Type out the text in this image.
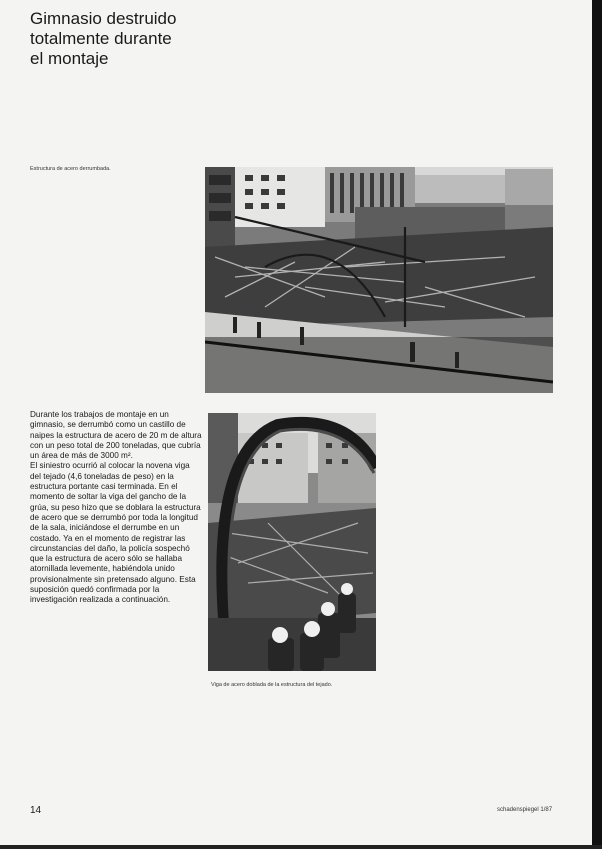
Gimnasio destruido
totalmente durante
el montaje
Estructura de acero derrumbada.

Durante los trabajos de montaje en un gimnasio, se derrumbó como un castillo de naipes la estructura de acero de 20 m de altura con un peso total de 200 toneladas, que cubría un área de más de 3000 m².

El siniestro ocurrió al colocar la novena viga del tejado (4,6 toneladas de peso) en la estructura portante casi terminada. En el momento de soltar la viga del gancho de la grúa, su peso hizo que se doblara la estructura de acero que se derrumbó por toda la longitud de la sala, iniciándose el derrumbe en un costado. Ya en el momento de registrar las circunstancias del daño, la policía sospechó que la estructura de acero sólo se hallaba atornillada levemente, habiéndola unido provisionalmente sin pretensado alguno. Esta suposición quedó confirmada por la investigación realizada a continuación.

Viga de acero doblada de la estructura del tejado.
14	schadenspiegel 1/87
